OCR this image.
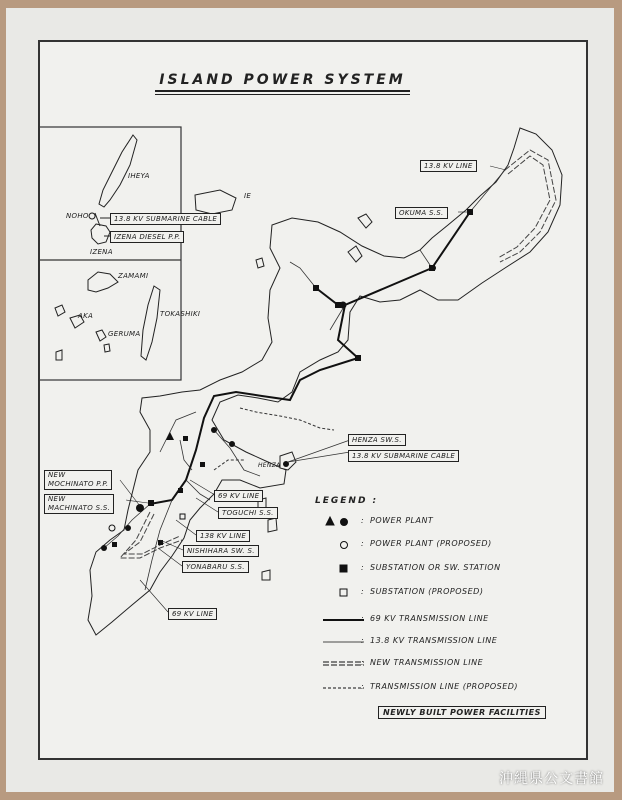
ISLAND POWER SYSTEM
IHEYA
NOHO
IZENA
ZAMAMI
AKA
GERUMA
TOKASHIKI
13.8 KV SUBMARINE CABLE
IZENA DIESEL P.P.
IE
13.8 KV LINE
OKUMA S.S.
HENZA SW.S.
13.8 KV SUBMARINE CABLE
HENZA
NEW
MOCHINATO P.P.
NEW
MACHINATO S.S.
69 KV LINE
TOGUCHI S.S.
138 KV LINE
NISHIHARA SW. S.
YONABARU S.S.
69 KV LINE
LEGEND :
: POWER PLANT
: POWER PLANT (PROPOSED)
: SUBSTATION OR SW. STATION
: SUBSTATION (PROPOSED)
: 69 KV TRANSMISSION LINE
: 13.8 KV TRANSMISSION LINE
: NEW TRANSMISSION LINE
: TRANSMISSION LINE (PROPOSED)
NEWLY BUILT POWER FACILITIES
沖縄県公文書館
